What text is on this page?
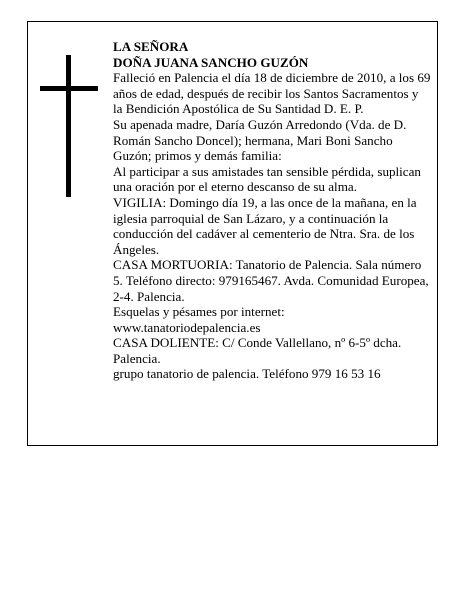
LA SEÑORA

DOÑA JUANA SANCHO GUZÓN

Falleció en Palencia el día 18 de diciembre de 2010, a los 69 años de edad, después de recibir los Santos Sacramentos y la Bendición Apostólica de Su Santidad D. E. P.

Su apenada madre, Daría Guzón Arredondo (Vda. de D. Román Sancho Doncel); hermana, Mari Boni Sancho Guzón; primos y demás familia:

Al participar a sus amistades tan sensible pérdida, suplican una oración por el eterno descanso de su alma.

VIGILIA: Domingo día 19, a las once de la mañana, en la iglesia parroquial de San Lázaro, y a continuación la conducción del cadáver al cementerio de Ntra. Sra. de los Ángeles.

CASA MORTUORIA: Tanatorio de Palencia. Sala número 5. Teléfono directo: 979165467. Avda. Comunidad Europea, 2-4. Palencia.

Esquelas y pésames por internet: www.tanatoriodepalencia.es

CASA DOLIENTE: C/ Conde Vallellano, nº 6-5º dcha. Palencia.

grupo tanatorio de palencia. Teléfono 979 16 53 16
